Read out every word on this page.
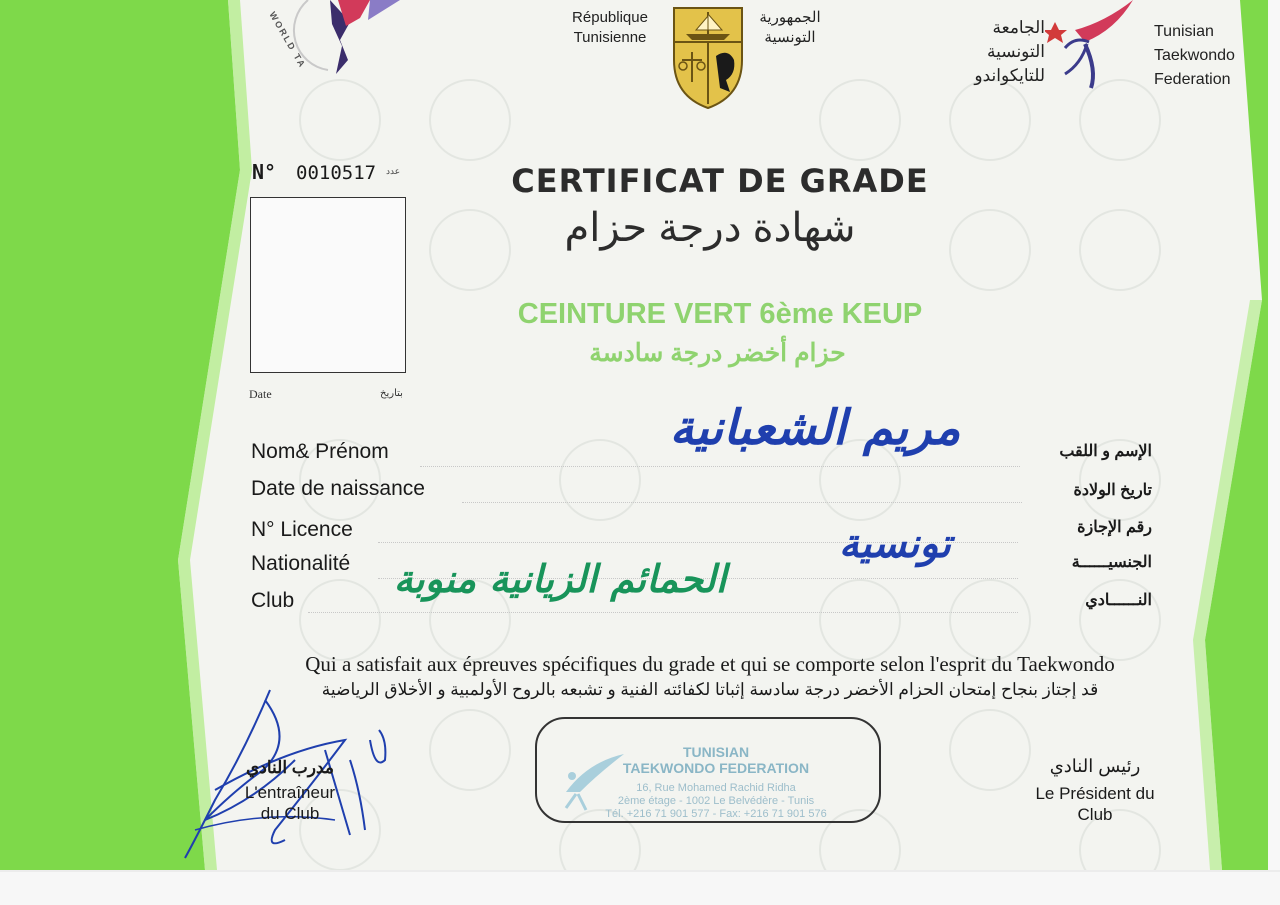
WORLD TA	République
Tunisienne
الجمهورية
التونسية
الجامعة
التونسية
للتايكواندو
Tunisian
Taekwondo
Federation
N° 0010517 عدد
Date	بتاريخ
CERTIFICAT DE GRADE
شهادة درجة حزام
CEINTURE VERT 6ème KEUP
حزام أخضر درجة سادسة
Nom& Prénom
Date de naissance
N° Licence
Nationalité
Club
الإسم و اللقب
تاريخ الولادة
رقم الإجازة
الجنسيــــــة
النــــــادي
مريم الشعبانية
تونسية
الحمائم الزيانية منوبة
Qui a satisfait aux épreuves spécifiques du grade et qui se comporte selon l'esprit du Taekwondo
قد إجتاز بنجاح إمتحان الحزام الأخضر درجة سادسة إثباتا لكفائته الفنية و تشبعه بالروح الأولمبية و الأخلاق الرياضية
مدرب النادي
L'entraîneur
du Club
TUNISIAN
TAEKWONDO FEDERATION
16, Rue Mohamed Rachid Ridha
2ème étage - 1002 Le Belvédère - Tunis
Tél. +216 71 901 577 - Fax: +216 71 901 576
رئيس النادي
Le Président du
Club
